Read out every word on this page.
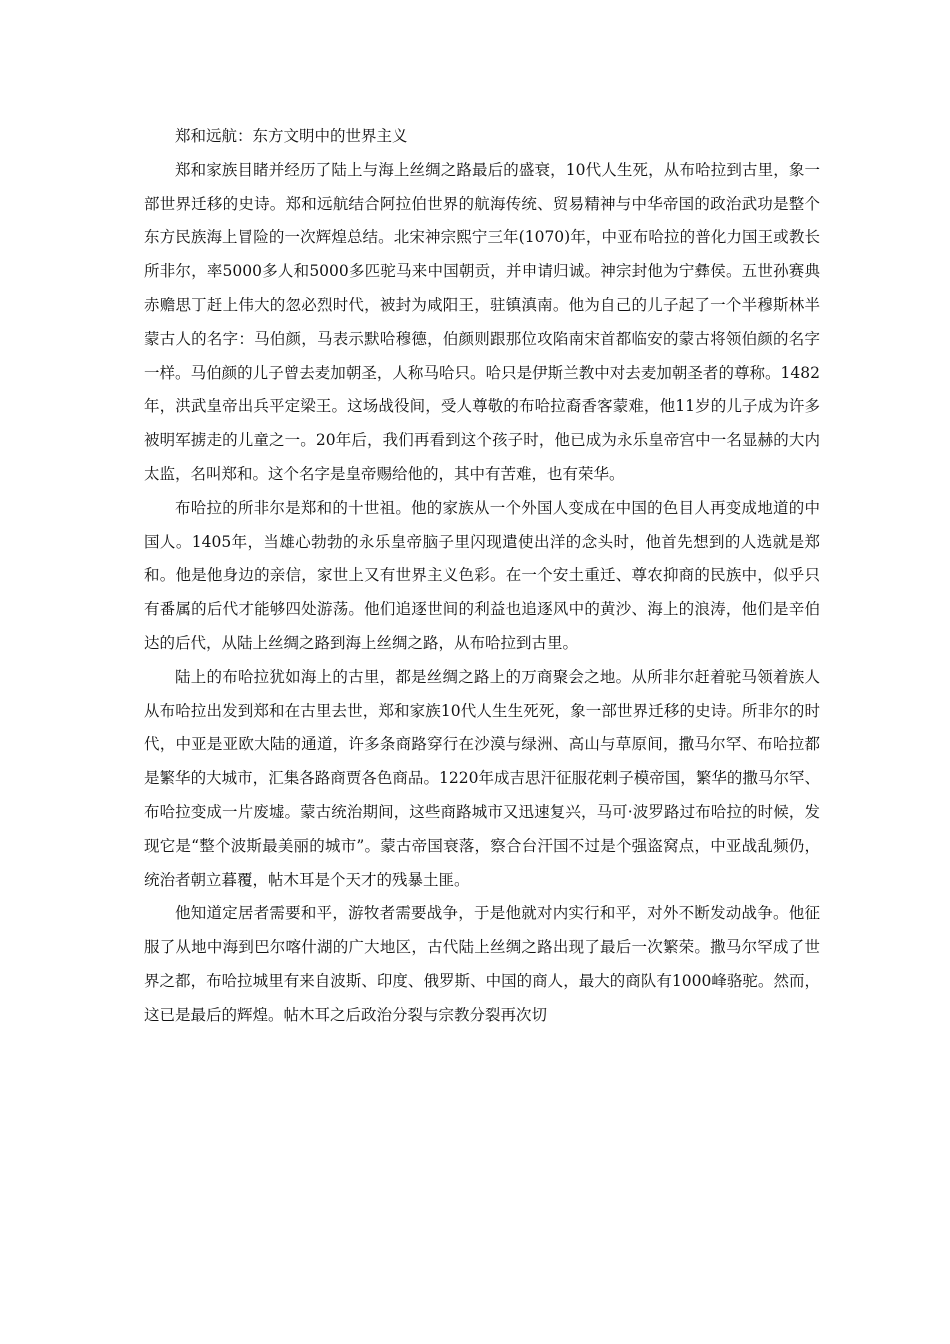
郑和远航：东方文明中的世界主义

郑和家族目睹并经历了陆上与海上丝绸之路最后的盛衰，10代人生死，从布哈拉到古里，象一部世界迁移的史诗。郑和远航结合阿拉伯世界的航海传统、贸易精神与中华帝国的政治武功是整个东方民族海上冒险的一次辉煌总结。北宋神宗熙宁三年(1070)年，中亚布哈拉的普化力国王或教长所非尔，率5000多人和5000多匹驼马来中国朝贡，并申请归诚。神宗封他为宁彝侯。五世孙赛典赤赡思丁赶上伟大的忽必烈时代，被封为咸阳王，驻镇滇南。他为自己的儿子起了一个半穆斯林半蒙古人的名字：马伯颜，马表示默哈穆德，伯颜则跟那位攻陷南宋首都临安的蒙古将领伯颜的名字一样。马伯颜的儿子曾去麦加朝圣，人称马哈只。哈只是伊斯兰教中对去麦加朝圣者的尊称。1482年，洪武皇帝出兵平定梁王。这场战役间，受人尊敬的布哈拉裔香客蒙难，他11岁的儿子成为许多被明军掳走的儿童之一。20年后，我们再看到这个孩子时，他已成为永乐皇帝宫中一名显赫的大内太监，名叫郑和。这个名字是皇帝赐给他的，其中有苦难，也有荣华。

布哈拉的所非尔是郑和的十世祖。他的家族从一个外国人变成在中国的色目人再变成地道的中国人。1405年，当雄心勃勃的永乐皇帝脑子里闪现遣使出洋的念头时，他首先想到的人选就是郑和。他是他身边的亲信，家世上又有世界主义色彩。在一个安土重迁、尊农抑商的民族中，似乎只有番属的后代才能够四处游荡。他们追逐世间的利益也追逐风中的黄沙、海上的浪涛，他们是辛伯达的后代，从陆上丝绸之路到海上丝绸之路，从布哈拉到古里。

陆上的布哈拉犹如海上的古里，都是丝绸之路上的万商聚会之地。从所非尔赶着驼马领着族人从布哈拉出发到郑和在古里去世，郑和家族10代人生生死死，象一部世界迁移的史诗。所非尔的时代，中亚是亚欧大陆的通道，许多条商路穿行在沙漠与绿洲、高山与草原间，撒马尔罕、布哈拉都是繁华的大城市，汇集各路商贾各色商品。1220年成吉思汗征服花剌子模帝国，繁华的撒马尔罕、布哈拉变成一片废墟。蒙古统治期间，这些商路城市又迅速复兴，马可·波罗路过布哈拉的时候，发现它是“整个波斯最美丽的城市”。蒙古帝国衰落，察合台汗国不过是个强盗窝点，中亚战乱频仍，统治者朝立暮覆，帖木耳是个天才的残暴土匪。

他知道定居者需要和平，游牧者需要战争，于是他就对内实行和平，对外不断发动战争。他征服了从地中海到巴尔喀什湖的广大地区，古代陆上丝绸之路出现了最后一次繁荣。撒马尔罕成了世界之都，布哈拉城里有来自波斯、印度、俄罗斯、中国的商人，最大的商队有1000峰骆驼。然而，这已是最后的辉煌。帖木耳之后政治分裂与宗教分裂再次切
